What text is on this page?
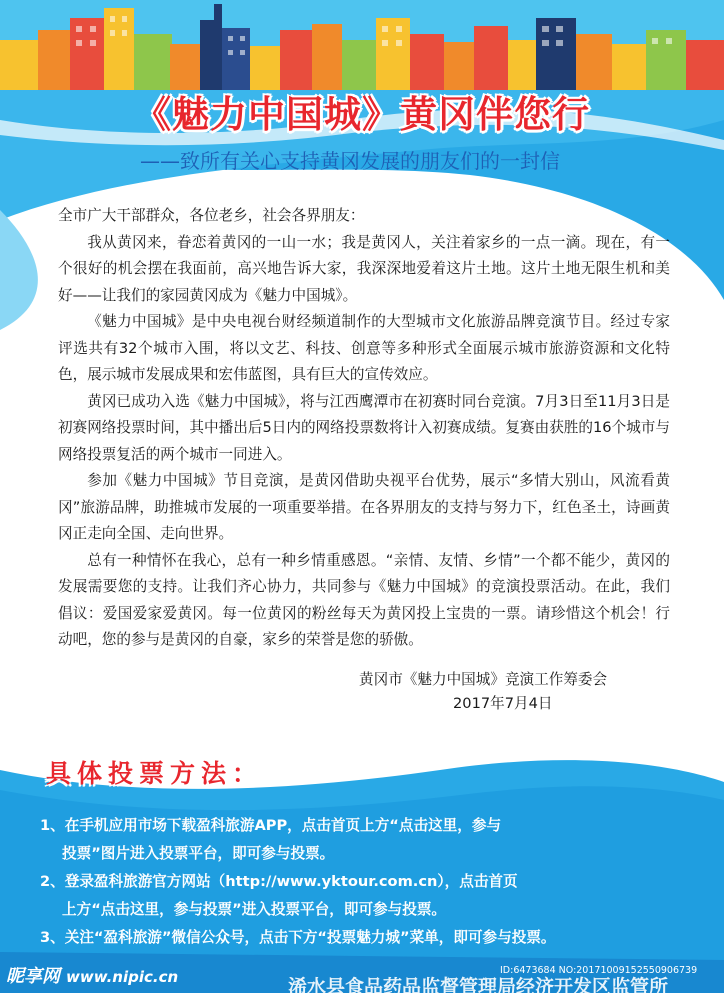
《魅力中国城》黄冈伴您行
——致所有关心支持黄冈发展的朋友们的一封信

全市广大干部群众，各位老乡，社会各界朋友：

我从黄冈来，眷恋着黄冈的一山一水；我是黄冈人，关注着家乡的一点一滴。现在，有一个很好的机会摆在我面前，高兴地告诉大家，我深深地爱着这片土地。这片土地无限生机和美好——让我们的家园黄冈成为《魅力中国城》。

《魅力中国城》是中央电视台财经频道制作的大型城市文化旅游品牌竞演节目。经过专家评选共有32个城市入围，将以文艺、科技、创意等多种形式全面展示城市旅游资源和文化特色，展示城市发展成果和宏伟蓝图，具有巨大的宣传效应。

黄冈已成功入选《魅力中国城》，将与江西鹰潭市在初赛时同台竞演。7月3日至11月3日是初赛网络投票时间，其中播出后5日内的网络投票数将计入初赛成绩。复赛由获胜的16个城市与网络投票复活的两个城市一同进入。

参加《魅力中国城》节目竞演，是黄冈借助央视平台优势，展示“多情大别山，风流看黄冈”旅游品牌，助推城市发展的一项重要举措。在各界朋友的支持与努力下，红色圣土，诗画黄冈正走向全国、走向世界。

总有一种情怀在我心，总有一种乡情重感恩。“亲情、友情、乡情”一个都不能少，黄冈的发展需要您的支持。让我们齐心协力，共同参与《魅力中国城》的竞演投票活动。在此，我们倡议：爱国爱家爱黄冈。每一位黄冈的粉丝每天为黄冈投上宝贵的一票。请珍惜这个机会！行动吧，您的参与是黄冈的自豪，家乡的荣誉是您的骄傲。

黄冈市《魅力中国城》竞演工作筹委会
2017年7月4日
具体投票方法：
1、在手机应用市场下载盈科旅游APP，点击首页上方“点击这里，参与
投票”图片进入投票平台，即可参与投票。
2、登录盈科旅游官方网站（http://www.yktour.com.cn），点击首页
上方“点击这里，参与投票”进入投票平台，即可参与投票。
3、关注“盈科旅游”微信公众号，点击下方“投票魅力城”菜单，即可参与投票。
昵享网 www.nipic.cn	ID:6473684 NO:20171009152550906739
浠水县食品药品监督管理局经济开发区监管所
